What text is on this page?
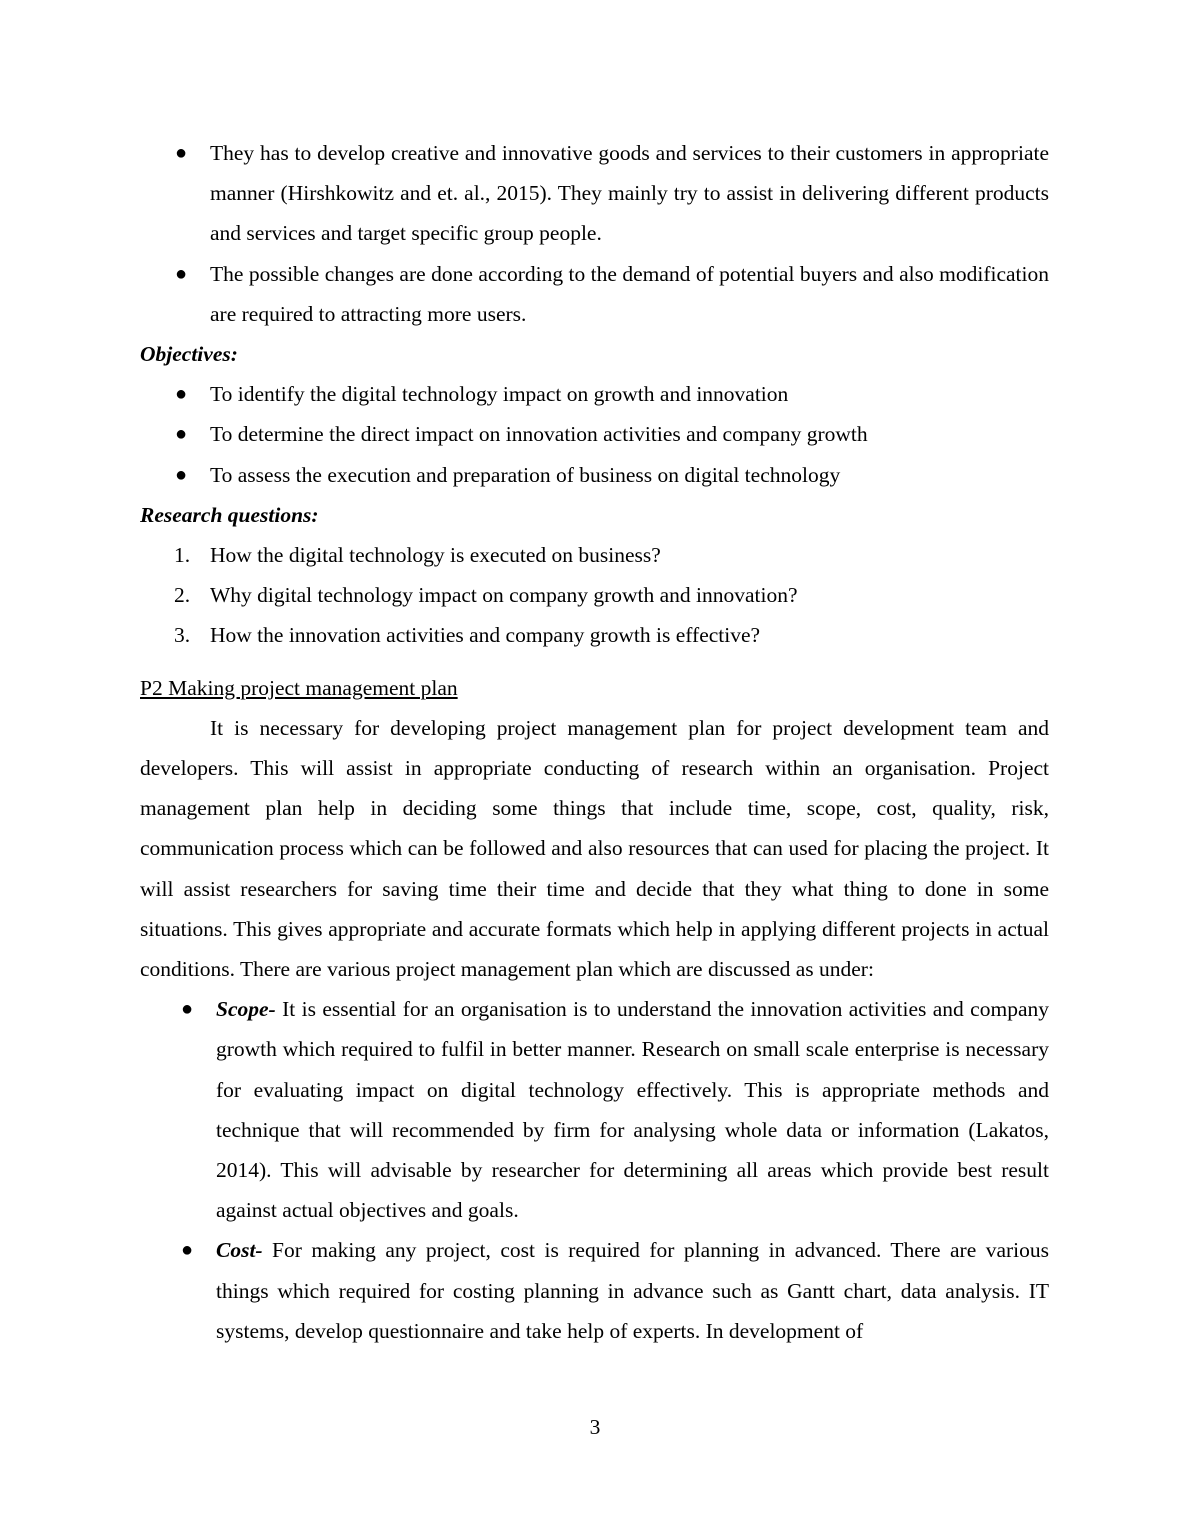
● They has to develop creative and innovative goods and services to their customers in appropriate manner (Hirshkowitz and et. al., 2015). They mainly try to assist in delivering different products and services and target specific group people.
● The possible changes are done according to the demand of potential buyers and also modification are required to attracting more users.

Objectives:

● To identify the digital technology impact on growth and innovation
● To determine the direct impact on innovation activities and company growth
● To assess the execution and preparation of business on digital technology

Research questions:

1. How the digital technology is executed on business?
2. Why digital technology impact on company growth and innovation?
3. How the innovation activities and company growth is effective?

P2 Making project management plan

It is necessary for developing project management plan for project development team and developers. This will assist in appropriate conducting of research within an organisation. Project management plan help in deciding some things that include time, scope, cost, quality, risk, communication process which can be followed and also resources that can used for placing the project. It will assist researchers for saving time their time and decide that they what thing to done in some situations. This gives appropriate and accurate formats which help in applying different projects in actual conditions. There are various project management plan which are discussed as under:

● Scope- It is essential for an organisation is to understand the innovation activities and company growth which required to fulfil in better manner. Research on small scale enterprise is necessary for evaluating impact on digital technology effectively. This is appropriate methods and technique that will recommended by firm for analysing whole data or information (Lakatos, 2014). This will advisable by researcher for determining all areas which provide best result against actual objectives and goals.
● Cost- For making any project, cost is required for planning in advanced. There are various things which required for costing planning in advance such as Gantt chart, data analysis. IT systems, develop questionnaire and take help of experts. In development of
3
